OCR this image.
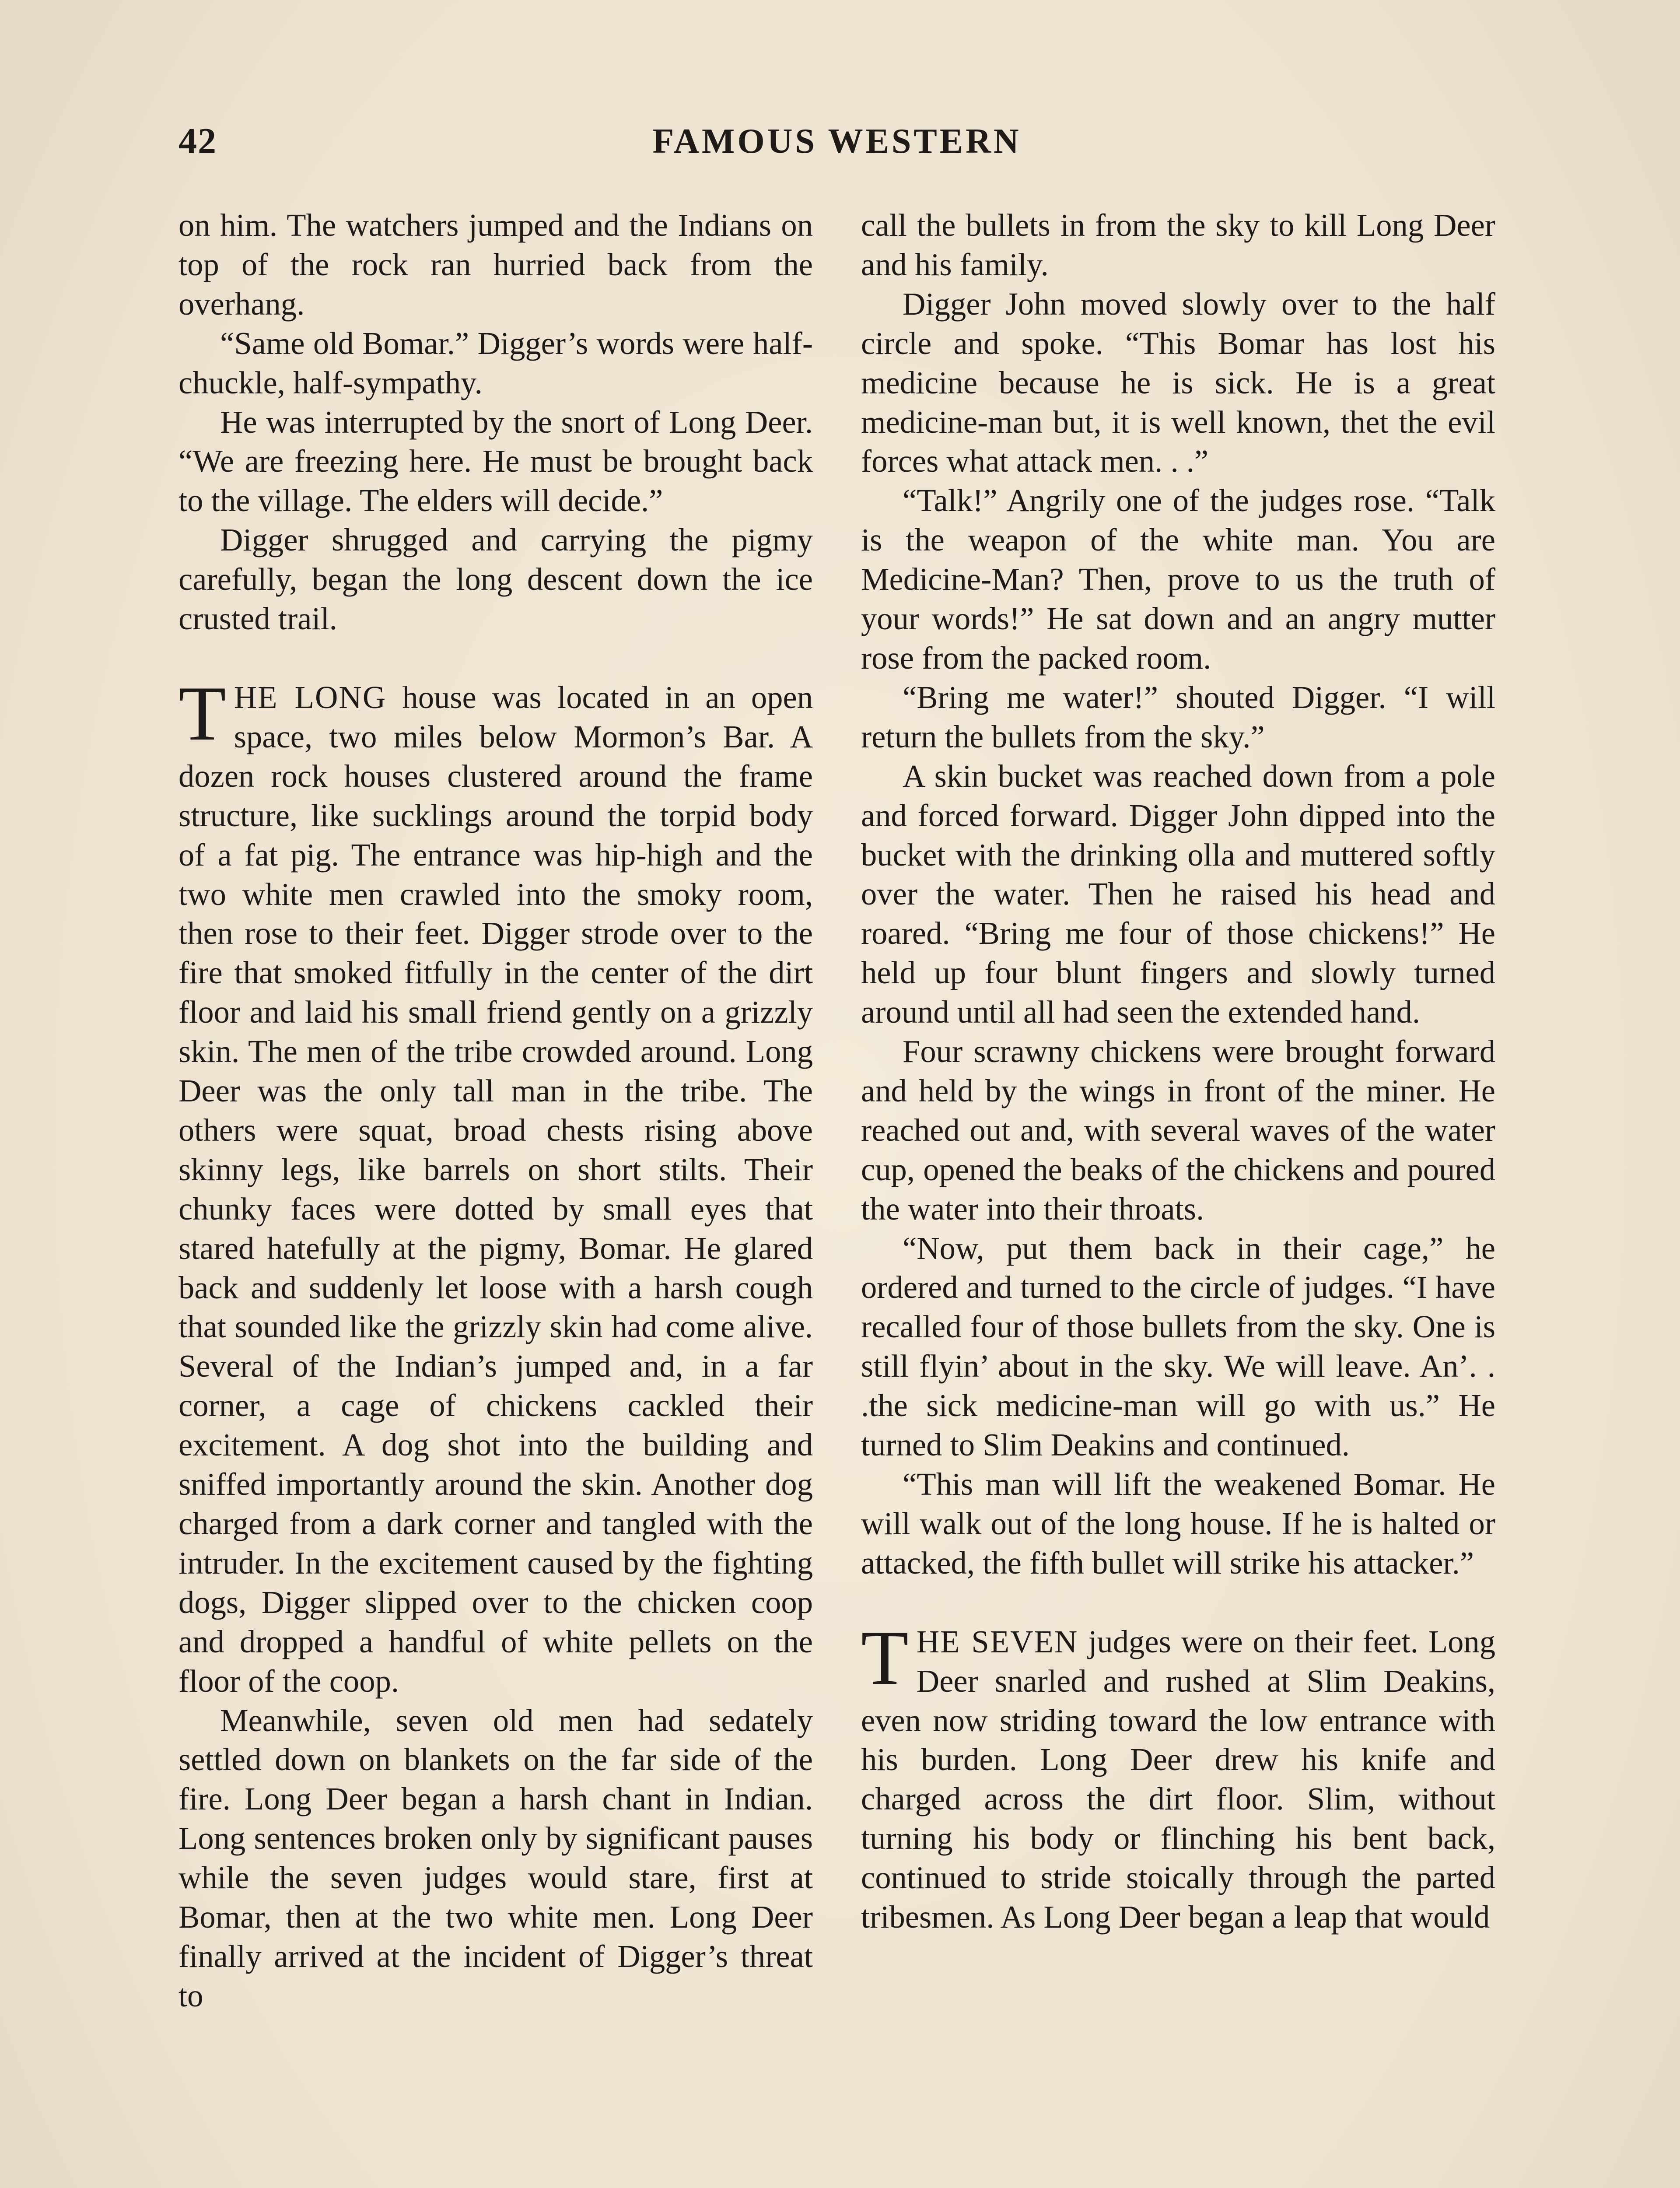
42	FAMOUS WESTERN

on him. The watchers jumped and the Indians on top of the rock ran hurried back from the overhang.

“Same old Bomar.” Digger’s words were half-chuckle, half-sympathy.

He was interrupted by the snort of Long Deer. “We are freezing here. He must be brought back to the village. The elders will decide.”

Digger shrugged and carrying the pigmy carefully, began the long descent down the ice crusted trail.

THE LONG house was located in an open space, two miles below Mormon’s Bar. A dozen rock houses clustered around the frame structure, like sucklings around the torpid body of a fat pig. The entrance was hip-high and the two white men crawled into the smoky room, then rose to their feet. Digger strode over to the fire that smoked fitfully in the center of the dirt floor and laid his small friend gently on a grizzly skin. The men of the tribe crowded around. Long Deer was the only tall man in the tribe. The others were squat, broad chests rising above skinny legs, like barrels on short stilts. Their chunky faces were dotted by small eyes that stared hatefully at the pigmy, Bomar. He glared back and suddenly let loose with a harsh cough that sounded like the grizzly skin had come alive. Several of the Indian’s jumped and, in a far corner, a cage of chickens cackled their excitement. A dog shot into the building and sniffed importantly around the skin. Another dog charged from a dark corner and tangled with the intruder. In the excitement caused by the fighting dogs, Digger slipped over to the chicken coop and dropped a handful of white pellets on the floor of the coop.

Meanwhile, seven old men had sedately settled down on blankets on the far side of the fire. Long Deer began a harsh chant in Indian. Long sentences broken only by significant pauses while the seven judges would stare, first at Bomar, then at the two white men. Long Deer finally arrived at the incident of Digger’s threat to

call the bullets in from the sky to kill Long Deer and his family.

Digger John moved slowly over to the half circle and spoke. “This Bomar has lost his medicine because he is sick. He is a great medicine-man but, it is well known, thet the evil forces what attack men. . .”

“Talk!” Angrily one of the judges rose. “Talk is the weapon of the white man. You are Medicine-Man? Then, prove to us the truth of your words!” He sat down and an angry mutter rose from the packed room.

“Bring me water!” shouted Digger. “I will return the bullets from the sky.”

A skin bucket was reached down from a pole and forced forward. Digger John dipped into the bucket with the drinking olla and muttered softly over the water. Then he raised his head and roared. “Bring me four of those chickens!” He held up four blunt fingers and slowly turned around until all had seen the extended hand.

Four scrawny chickens were brought forward and held by the wings in front of the miner. He reached out and, with several waves of the water cup, opened the beaks of the chickens and poured the water into their throats.

“Now, put them back in their cage,” he ordered and turned to the circle of judges. “I have recalled four of those bullets from the sky. One is still flyin’ about in the sky. We will leave. An’. . .the sick medicine-man will go with us.” He turned to Slim Deakins and continued.

“This man will lift the weakened Bomar. He will walk out of the long house. If he is halted or attacked, the fifth bullet will strike his attacker.”

THE SEVEN judges were on their feet. Long Deer snarled and rushed at Slim Deakins, even now striding toward the low entrance with his burden. Long Deer drew his knife and charged across the dirt floor. Slim, without turning his body or flinching his bent back, continued to stride stoically through the parted tribesmen. As Long Deer began a leap that would
